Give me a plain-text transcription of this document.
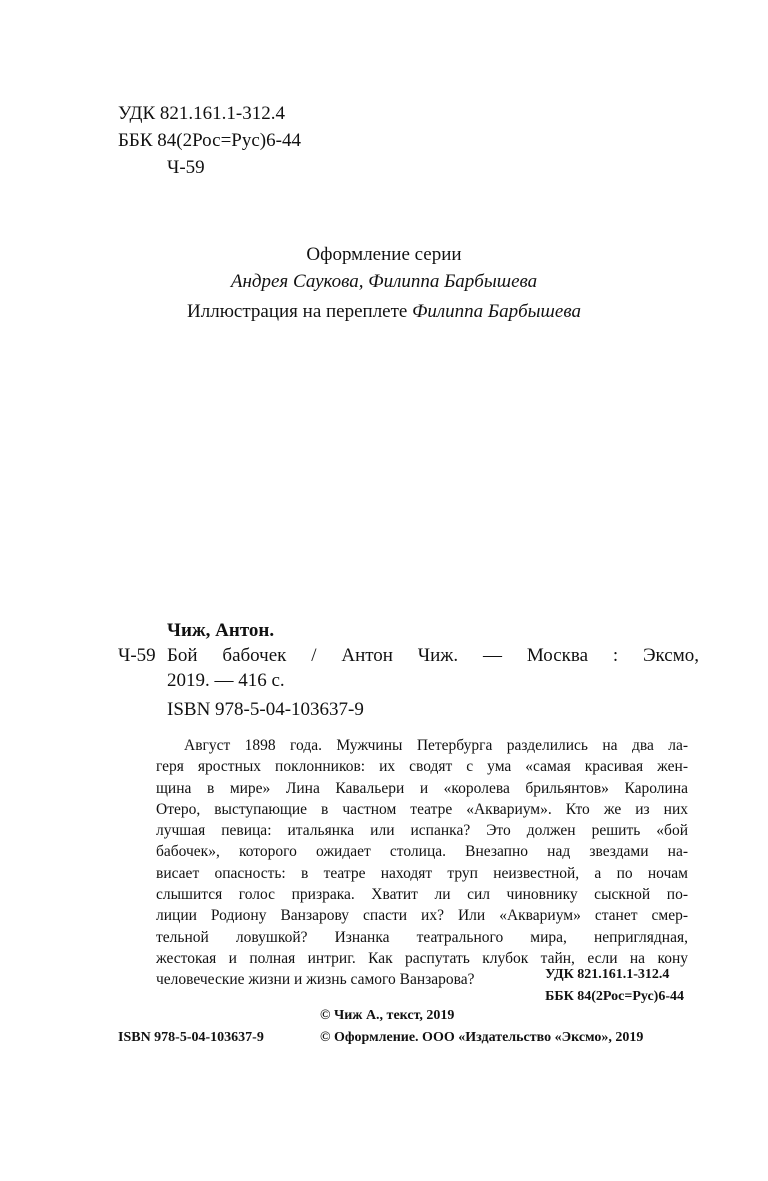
УДК 821.161.1-312.4
ББК 84(2Рос=Рус)6-44
Ч-59
Оформление серии
Андрея Саукова, Филиппа Барбышева
Иллюстрация на переплете Филиппа Барбышева
Чиж, Антон.
Ч-59 Бой бабочек / Антон Чиж. — Москва : Эксмо,
2019. — 416 с.
ISBN 978-5-04-103637-9
Август 1898 года. Мужчины Петербурга разделились на два ла-
геря яростных поклонников: их сводят с ума «самая красивая жен-
щина в мире» Лина Кавальери и «королева брильянтов» Каролина
Отеро, выступающие в частном театре «Аквариум». Кто же из них
лучшая певица: итальянка или испанка? Это должен решить «бой
бабочек», которого ожидает столица. Внезапно над звездами на-
висает опасность: в театре находят труп неизвестной, а по ночам
слышится голос призрака. Хватит ли сил чиновнику сыскной по-
лиции Родиону Ванзарову спасти их? Или «Аквариум» станет смер-
тельной ловушкой? Изнанка театрального мира, неприглядная,
жестокая и полная интриг. Как распутать клубок тайн, если на кону
человеческие жизни и жизнь самого Ванзарова?	УДК 821.161.1-312.4
ББК 84(2Рос=Рус)6-44
© Чиж А., текст, 2019
ISBN 978-5-04-103637-9	© Оформление. ООО «Издательство «Эксмо», 2019
